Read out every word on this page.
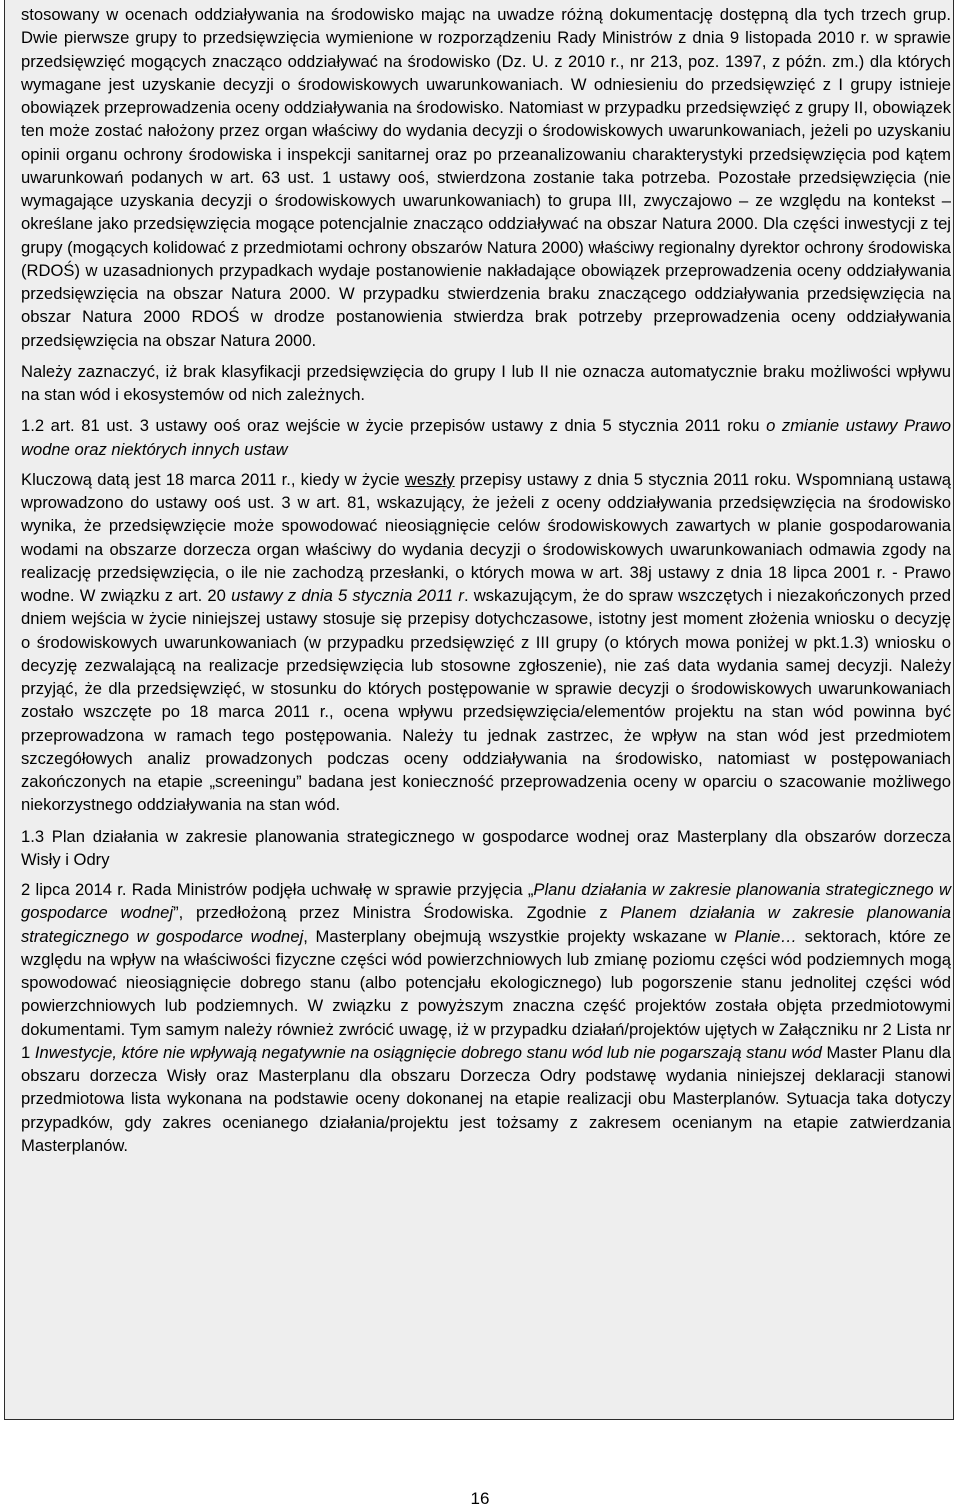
stosowany w ocenach oddziaływania na środowisko mając na uwadze różną dokumentację dostępną dla tych trzech grup. Dwie pierwsze grupy to przedsięwzięcia wymienione w rozporządzeniu Rady Ministrów z dnia 9 listopada 2010 r. w sprawie przedsięwzięć mogących znacząco oddziaływać na środowisko (Dz. U. z 2010 r., nr 213, poz. 1397, z późn. zm.) dla których wymagane jest uzyskanie decyzji o środowiskowych uwarunkowaniach. W odniesieniu do przedsięwzięć z I grupy istnieje obowiązek przeprowadzenia oceny oddziaływania na środowisko. Natomiast w przypadku przedsięwzięć z grupy II, obowiązek ten może zostać nałożony przez organ właściwy do wydania decyzji o środowiskowych uwarunkowaniach, jeżeli po uzyskaniu opinii organu ochrony środowiska i inspekcji sanitarnej oraz po przeanalizowaniu charakterystyki przedsięwzięcia pod kątem uwarunkowań podanych w art. 63 ust. 1 ustawy ooś, stwierdzona zostanie taka potrzeba. Pozostałe przedsięwzięcia (nie wymagające uzyskania decyzji o środowiskowych uwarunkowaniach) to grupa III, zwyczajowo – ze względu na kontekst – określane jako przedsięwzięcia mogące potencjalnie znacząco oddziaływać na obszar Natura 2000. Dla części inwestycji z tej grupy (mogących kolidować z przedmiotami ochrony obszarów Natura 2000) właściwy regionalny dyrektor ochrony środowiska (RDOŚ) w uzasadnionych przypadkach wydaje postanowienie nakładające obowiązek przeprowadzenia oceny oddziaływania przedsięwzięcia na obszar Natura 2000. W przypadku stwierdzenia braku znaczącego oddziaływania przedsięwzięcia na obszar Natura 2000 RDOŚ w drodze postanowienia stwierdza brak potrzeby przeprowadzenia oceny oddziaływania przedsięwzięcia na obszar Natura 2000.

Należy zaznaczyć, iż brak klasyfikacji przedsięwzięcia do grupy I lub II nie oznacza automatycznie braku możliwości wpływu na stan wód i ekosystemów od nich zależnych.

1.2 art. 81 ust. 3 ustawy ooś oraz wejście w życie przepisów ustawy z dnia 5 stycznia 2011 roku o zmianie ustawy Prawo wodne oraz niektórych innych ustaw

Kluczową datą jest 18 marca 2011 r., kiedy w życie weszły przepisy ustawy z dnia 5 stycznia 2011 roku. Wspomnianą ustawą wprowadzono do ustawy ooś ust. 3 w art. 81, wskazujący, że jeżeli z oceny oddziaływania przedsięwzięcia na środowisko wynika, że przedsięwzięcie może spowodować nieosiągnięcie celów środowiskowych zawartych w planie gospodarowania wodami na obszarze dorzecza organ właściwy do wydania decyzji o środowiskowych uwarunkowaniach odmawia zgody na realizację przedsięwzięcia, o ile nie zachodzą przesłanki, o których mowa w art. 38j ustawy z dnia 18 lipca 2001 r. - Prawo wodne. W związku z art. 20 ustawy z dnia 5 stycznia 2011 r. wskazującym, że do spraw wszczętych i niezakończonych przed dniem wejścia w życie niniejszej ustawy stosuje się przepisy dotychczasowe, istotny jest moment złożenia wniosku o decyzję o środowiskowych uwarunkowaniach (w przypadku przedsięwzięć z III grupy (o których mowa poniżej w pkt.1.3) wniosku o decyzję zezwalającą na realizacje przedsięwzięcia lub stosowne zgłoszenie), nie zaś data wydania samej decyzji. Należy przyjąć, że dla przedsięwzięć, w stosunku do których postępowanie w sprawie decyzji o środowiskowych uwarunkowaniach zostało wszczęte po 18 marca 2011 r., ocena wpływu przedsięwzięcia/elementów projektu na stan wód powinna być przeprowadzona w ramach tego postępowania. Należy tu jednak zastrzec, że wpływ na stan wód jest przedmiotem szczegółowych analiz prowadzonych podczas oceny oddziaływania na środowisko, natomiast w postępowaniach zakończonych na etapie „screeningu” badana jest konieczność przeprowadzenia oceny w oparciu o szacowanie możliwego niekorzystnego oddziaływania na stan wód.

1.3 Plan działania w zakresie planowania strategicznego w gospodarce wodnej oraz Masterplany dla obszarów dorzecza Wisły i Odry

2 lipca 2014 r. Rada Ministrów podjęła uchwałę w sprawie przyjęcia „Planu działania w zakresie planowania strategicznego w gospodarce wodnej”, przedłożoną przez Ministra Środowiska. Zgodnie z Planem działania w zakresie planowania strategicznego w gospodarce wodnej, Masterplany obejmują wszystkie projekty wskazane w Planie… sektorach, które ze względu na wpływ na właściwości fizyczne części wód powierzchniowych lub zmianę poziomu części wód podziemnych mogą spowodować nieosiągnięcie dobrego stanu (albo potencjału ekologicznego) lub pogorszenie stanu jednolitej części wód powierzchniowych lub podziemnych. W związku z powyższym znaczna część projektów została objęta przedmiotowymi dokumentami. Tym samym należy również zwrócić uwagę, iż w przypadku działań/projektów ujętych w Załączniku nr 2 Lista nr 1 Inwestycje, które nie wpływają negatywnie na osiągnięcie dobrego stanu wód lub nie pogarszają stanu wód Master Planu dla obszaru dorzecza Wisły oraz Masterplanu dla obszaru Dorzecza Odry podstawę wydania niniejszej deklaracji stanowi przedmiotowa lista wykonana na podstawie oceny dokonanej na etapie realizacji obu Masterplanów. Sytuacja taka dotyczy przypadków, gdy zakres ocenianego działania/projektu jest tożsamy z zakresem ocenianym na etapie zatwierdzania Masterplanów.

16
